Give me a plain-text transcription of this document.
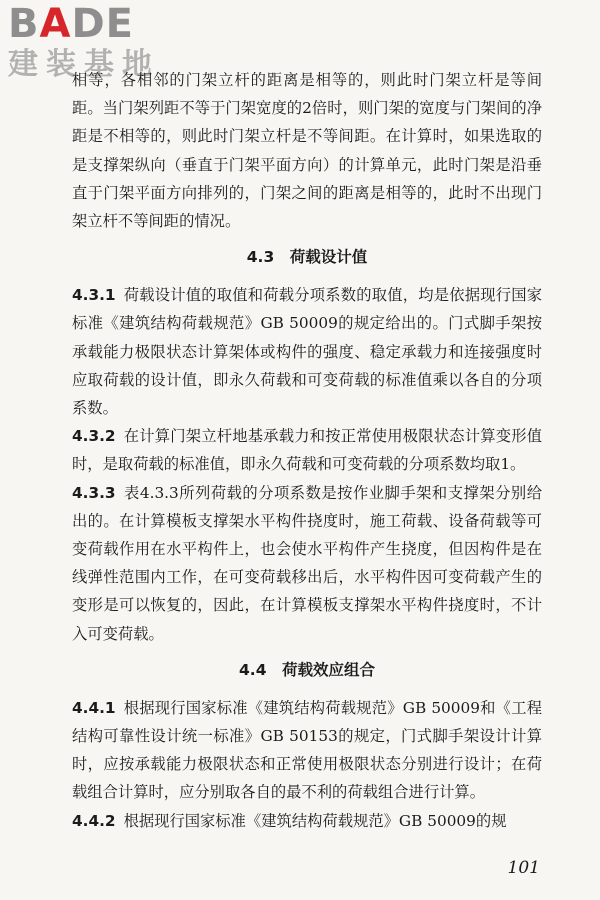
BADE
建装基地

相等，各相邻的门架立杆的距离是相等的，则此时门架立杆是等间距。当门架列距不等于门架宽度的2倍时，则门架的宽度与门架间的净距是不相等的，则此时门架立杆是不等间距。在计算时，如果选取的是支撑架纵向（垂直于门架平面方向）的计算单元，此时门架是沿垂直于门架平面方向排列的，门架之间的距离是相等的，此时不出现门架立杆不等间距的情况。

4.3　荷载设计值

4.3.1 荷载设计值的取值和荷载分项系数的取值，均是依据现行国家标准《建筑结构荷载规范》GB 50009的规定给出的。门式脚手架按承载能力极限状态计算架体或构件的强度、稳定承载力和连接强度时应取荷载的设计值，即永久荷载和可变荷载的标准值乘以各自的分项系数。

4.3.2 在计算门架立杆地基承载力和按正常使用极限状态计算变形值时，是取荷载的标准值，即永久荷载和可变荷载的分项系数均取1。

4.3.3 表4.3.3所列荷载的分项系数是按作业脚手架和支撑架分别给出的。在计算模板支撑架水平构件挠度时，施工荷载、设备荷载等可变荷载作用在水平构件上，也会使水平构件产生挠度，但因构件是在线弹性范围内工作，在可变荷载移出后，水平构件因可变荷载产生的变形是可以恢复的，因此，在计算模板支撑架水平构件挠度时，不计入可变荷载。

4.4　荷载效应组合

4.4.1 根据现行国家标准《建筑结构荷载规范》GB 50009和《工程结构可靠性设计统一标准》GB 50153的规定，门式脚手架设计计算时，应按承载能力极限状态和正常使用极限状态分别进行设计；在荷载组合计算时，应分别取各自的最不利的荷载组合进行计算。

4.4.2 根据现行国家标准《建筑结构荷载规范》GB 50009的规

101
